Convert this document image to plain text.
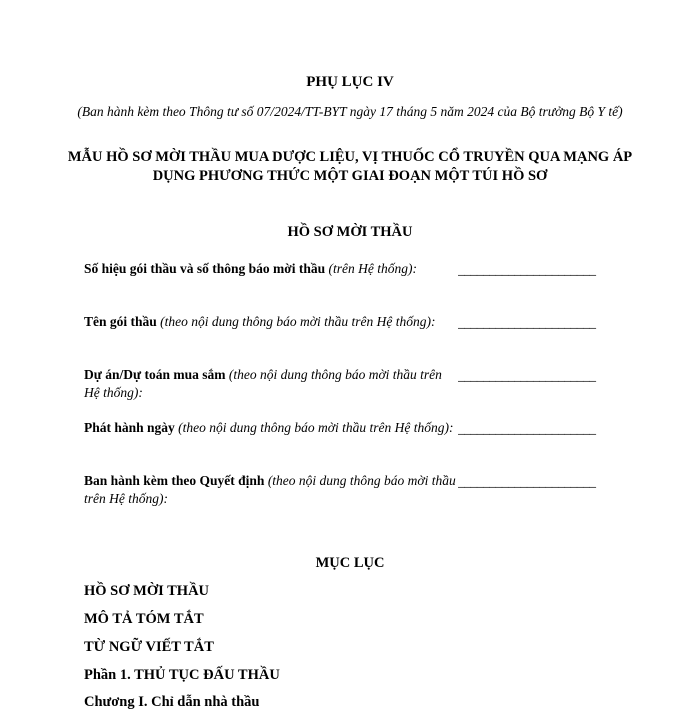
PHỤ LỤC IV
(Ban hành kèm theo Thông tư số 07/2024/TT-BYT ngày 17 tháng 5 năm 2024 của Bộ trưởng Bộ Y tế)
MẪU HỒ SƠ MỜI THẦU MUA DƯỢC LIỆU, VỊ THUỐC CỔ TRUYỀN QUA MẠNG ÁP DỤNG PHƯƠNG THỨC MỘT GIAI ĐOẠN MỘT TÚI HỒ SƠ
HỒ SƠ MỜI THẦU
Số hiệu gói thầu và số thông báo mời thầu (trên Hệ thống):	______________________
Tên gói thầu (theo nội dung thông báo mời thầu trên Hệ thống):	______________________
Dự án/Dự toán mua sắm (theo nội dung thông báo mời thầu trên Hệ thống):
______________________
Phát hành ngày (theo nội dung thông báo mời thầu trên Hệ thống): ______________________
Ban hành kèm theo Quyết định (theo nội dung thông báo mời thầu trên Hệ thống):
______________________
MỤC LỤC
HỒ SƠ MỜI THẦU
MÔ TẢ TÓM TẮT
TỪ NGỮ VIẾT TẮT
Phần 1. THỦ TỤC ĐẤU THẦU
Chương I. Chỉ dẫn nhà thầu
